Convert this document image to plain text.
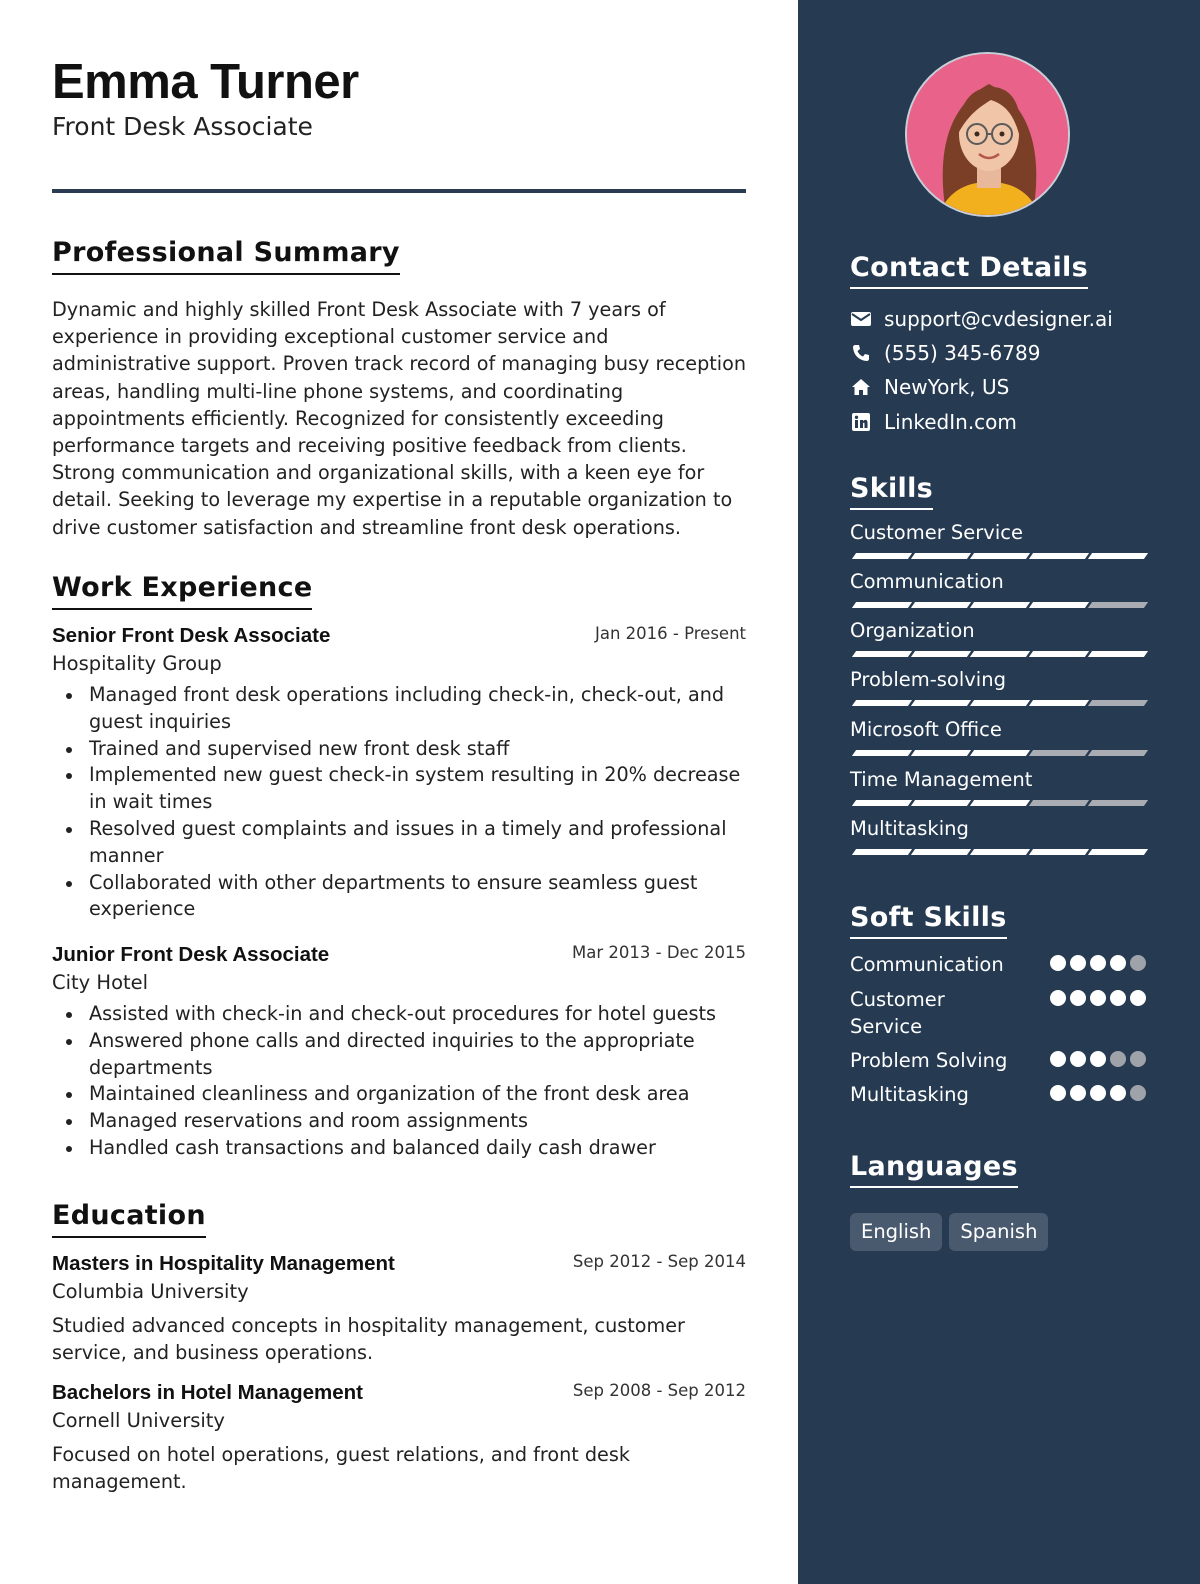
Emma Turner
Front Desk Associate
Professional Summary

Dynamic and highly skilled Front Desk Associate with 7 years of experience in providing exceptional customer service and administrative support. Proven track record of managing busy reception areas, handling multi-line phone systems, and coordinating appointments efficiently. Recognized for consistently exceeding performance targets and receiving positive feedback from clients. Strong communication and organizational skills, with a keen eye for detail. Seeking to leverage my expertise in a reputable organization to drive customer satisfaction and streamline front desk operations.

Work Experience
Senior Front Desk Associate	Jan 2016 - Present
Hospitality Group
Managed front desk operations including check-in, check-out, and guest inquiries
Trained and supervised new front desk staff
Implemented new guest check-in system resulting in 20% decrease in wait times
Resolved guest complaints and issues in a timely and professional manner
Collaborated with other departments to ensure seamless guest experience
Junior Front Desk Associate	Mar 2013 - Dec 2015
City Hotel
Assisted with check-in and check-out procedures for hotel guests
Answered phone calls and directed inquiries to the appropriate departments
Maintained cleanliness and organization of the front desk area
Managed reservations and room assignments
Handled cash transactions and balanced daily cash drawer
Education
Masters in Hospitality Management	Sep 2012 - Sep 2014
Columbia University

Studied advanced concepts in hospitality management, customer service, and business operations.

Bachelors in Hotel Management	Sep 2008 - Sep 2012
Cornell University

Focused on hotel operations, guest relations, and front desk management.

Contact Details
support@cvdesigner.ai
(555) 345-6789
NewYork, US
LinkedIn.com
Skills
Customer Service
Communication
Organization
Problem-solving
Microsoft Office
Time Management
Multitasking
Soft Skills
Communication
Customer Service
Problem Solving
Multitasking
Languages
English	Spanish
